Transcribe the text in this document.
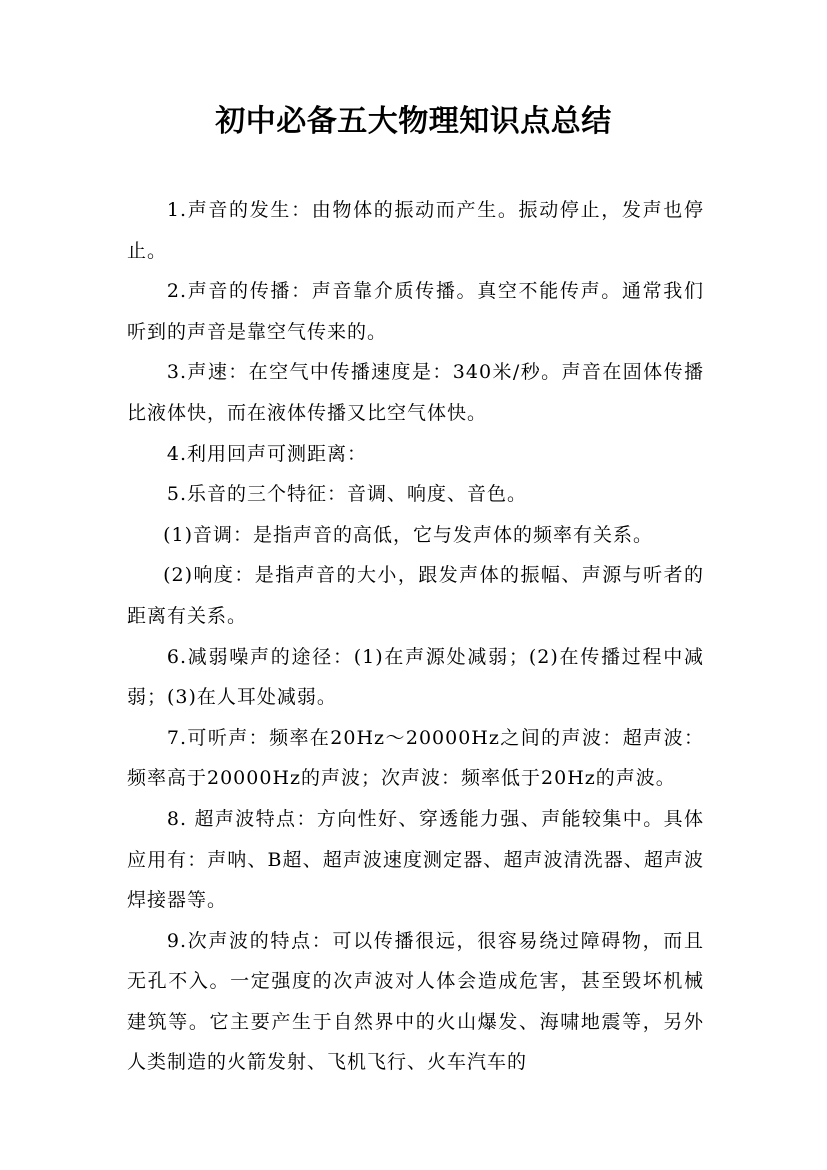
初中必备五大物理知识点总结

1.声音的发生：由物体的振动而产生。振动停止，发声也停止。

2.声音的传播：声音靠介质传播。真空不能传声。通常我们听到的声音是靠空气传来的。

3.声速：在空气中传播速度是：340米/秒。声音在固体传播比液体快，而在液体传播又比空气体快。

4.利用回声可测距离：

5.乐音的三个特征：音调、响度、音色。

(1)音调：是指声音的高低，它与发声体的频率有关系。

(2)响度：是指声音的大小，跟发声体的振幅、声源与听者的距离有关系。

6.减弱噪声的途径：(1)在声源处减弱；(2)在传播过程中减弱；(3)在人耳处减弱。

7.可听声：频率在20Hz～20000Hz之间的声波：超声波：频率高于20000Hz的声波；次声波：频率低于20Hz的声波。

8. 超声波特点：方向性好、穿透能力强、声能较集中。具体应用有：声呐、B超、超声波速度测定器、超声波清洗器、超声波焊接器等。

9.次声波的特点：可以传播很远，很容易绕过障碍物，而且无孔不入。一定强度的次声波对人体会造成危害，甚至毁坏机械建筑等。它主要产生于自然界中的火山爆发、海啸地震等，另外人类制造的火箭发射、飞机飞行、火车汽车的
